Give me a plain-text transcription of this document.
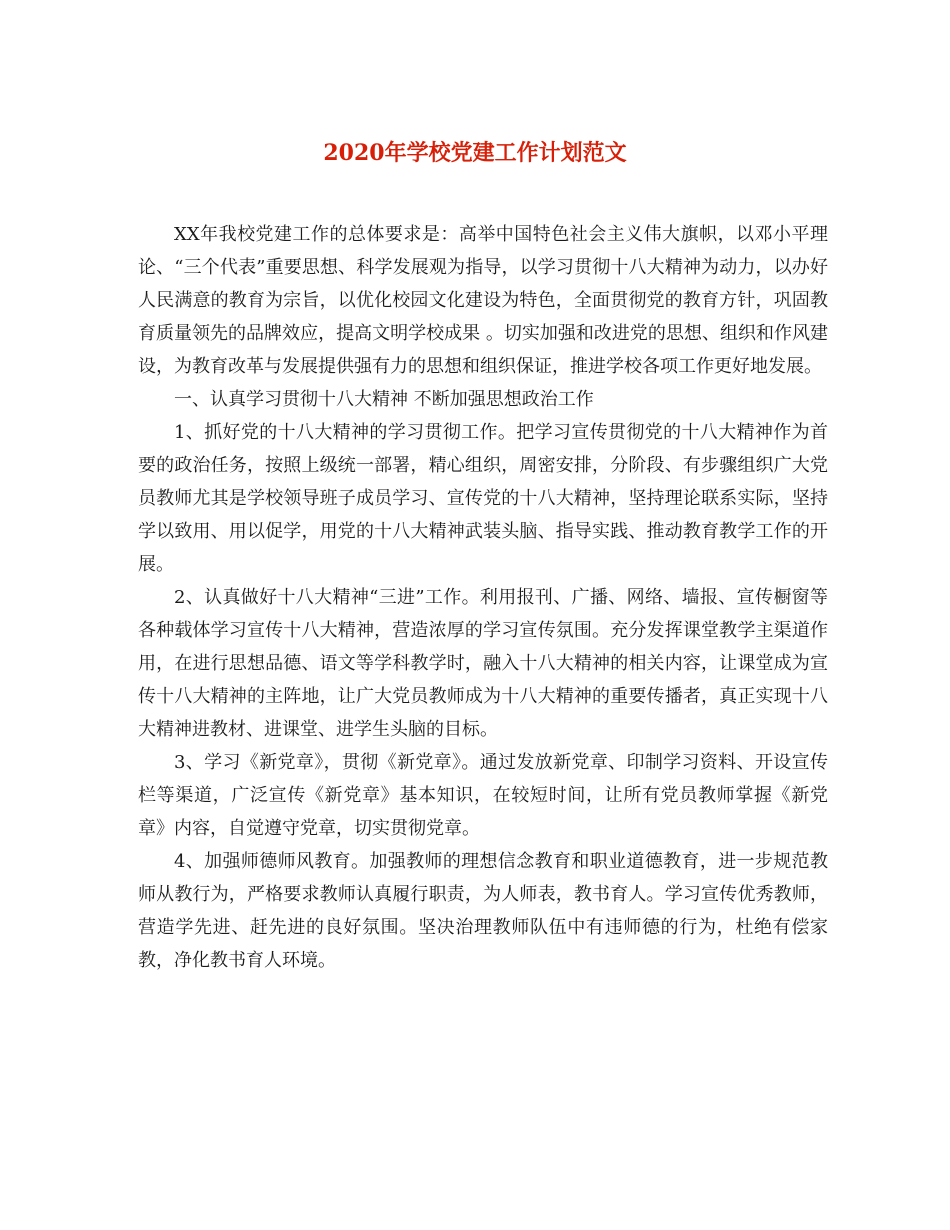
2020年学校党建工作计划范文

XX年我校党建工作的总体要求是：高举中国特色社会主义伟大旗帜，以邓小平理论、“三个代表”重要思想、科学发展观为指导，以学习贯彻十八大精神为动力，以办好人民满意的教育为宗旨，以优化校园文化建设为特色，全面贯彻党的教育方针，巩固教育质量领先的品牌效应，提高文明学校成果 。切实加强和改进党的思想、组织和作风建设，为教育改革与发展提供强有力的思想和组织保证，推进学校各项工作更好地发展。

一、认真学习贯彻十八大精神 不断加强思想政治工作

1、抓好党的十八大精神的学习贯彻工作。把学习宣传贯彻党的十八大精神作为首要的政治任务，按照上级统一部署，精心组织，周密安排，分阶段、有步骤组织广大党员教师尤其是学校领导班子成员学习、宣传党的十八大精神，坚持理论联系实际，坚持学以致用、用以促学，用党的十八大精神武装头脑、指导实践、推动教育教学工作的开展。

2、认真做好十八大精神“三进”工作。利用报刊、广播、网络、墙报、宣传橱窗等各种载体学习宣传十八大精神，营造浓厚的学习宣传氛围。充分发挥课堂教学主渠道作用，在进行思想品德、语文等学科教学时，融入十八大精神的相关内容，让课堂成为宣传十八大精神的主阵地，让广大党员教师成为十八大精神的重要传播者，真正实现十八大精神进教材、进课堂、进学生头脑的目标。

3、学习《新党章》，贯彻《新党章》。通过发放新党章、印制学习资料、开设宣传栏等渠道，广泛宣传《新党章》基本知识，在较短时间，让所有党员教师掌握《新党章》内容，自觉遵守党章，切实贯彻党章。

4、加强师德师风教育。加强教师的理想信念教育和职业道德教育，进一步规范教师从教行为，严格要求教师认真履行职责，为人师表，教书育人。学习宣传优秀教师，营造学先进、赶先进的良好氛围。坚决治理教师队伍中有违师德的行为，杜绝有偿家教，净化教书育人环境。
